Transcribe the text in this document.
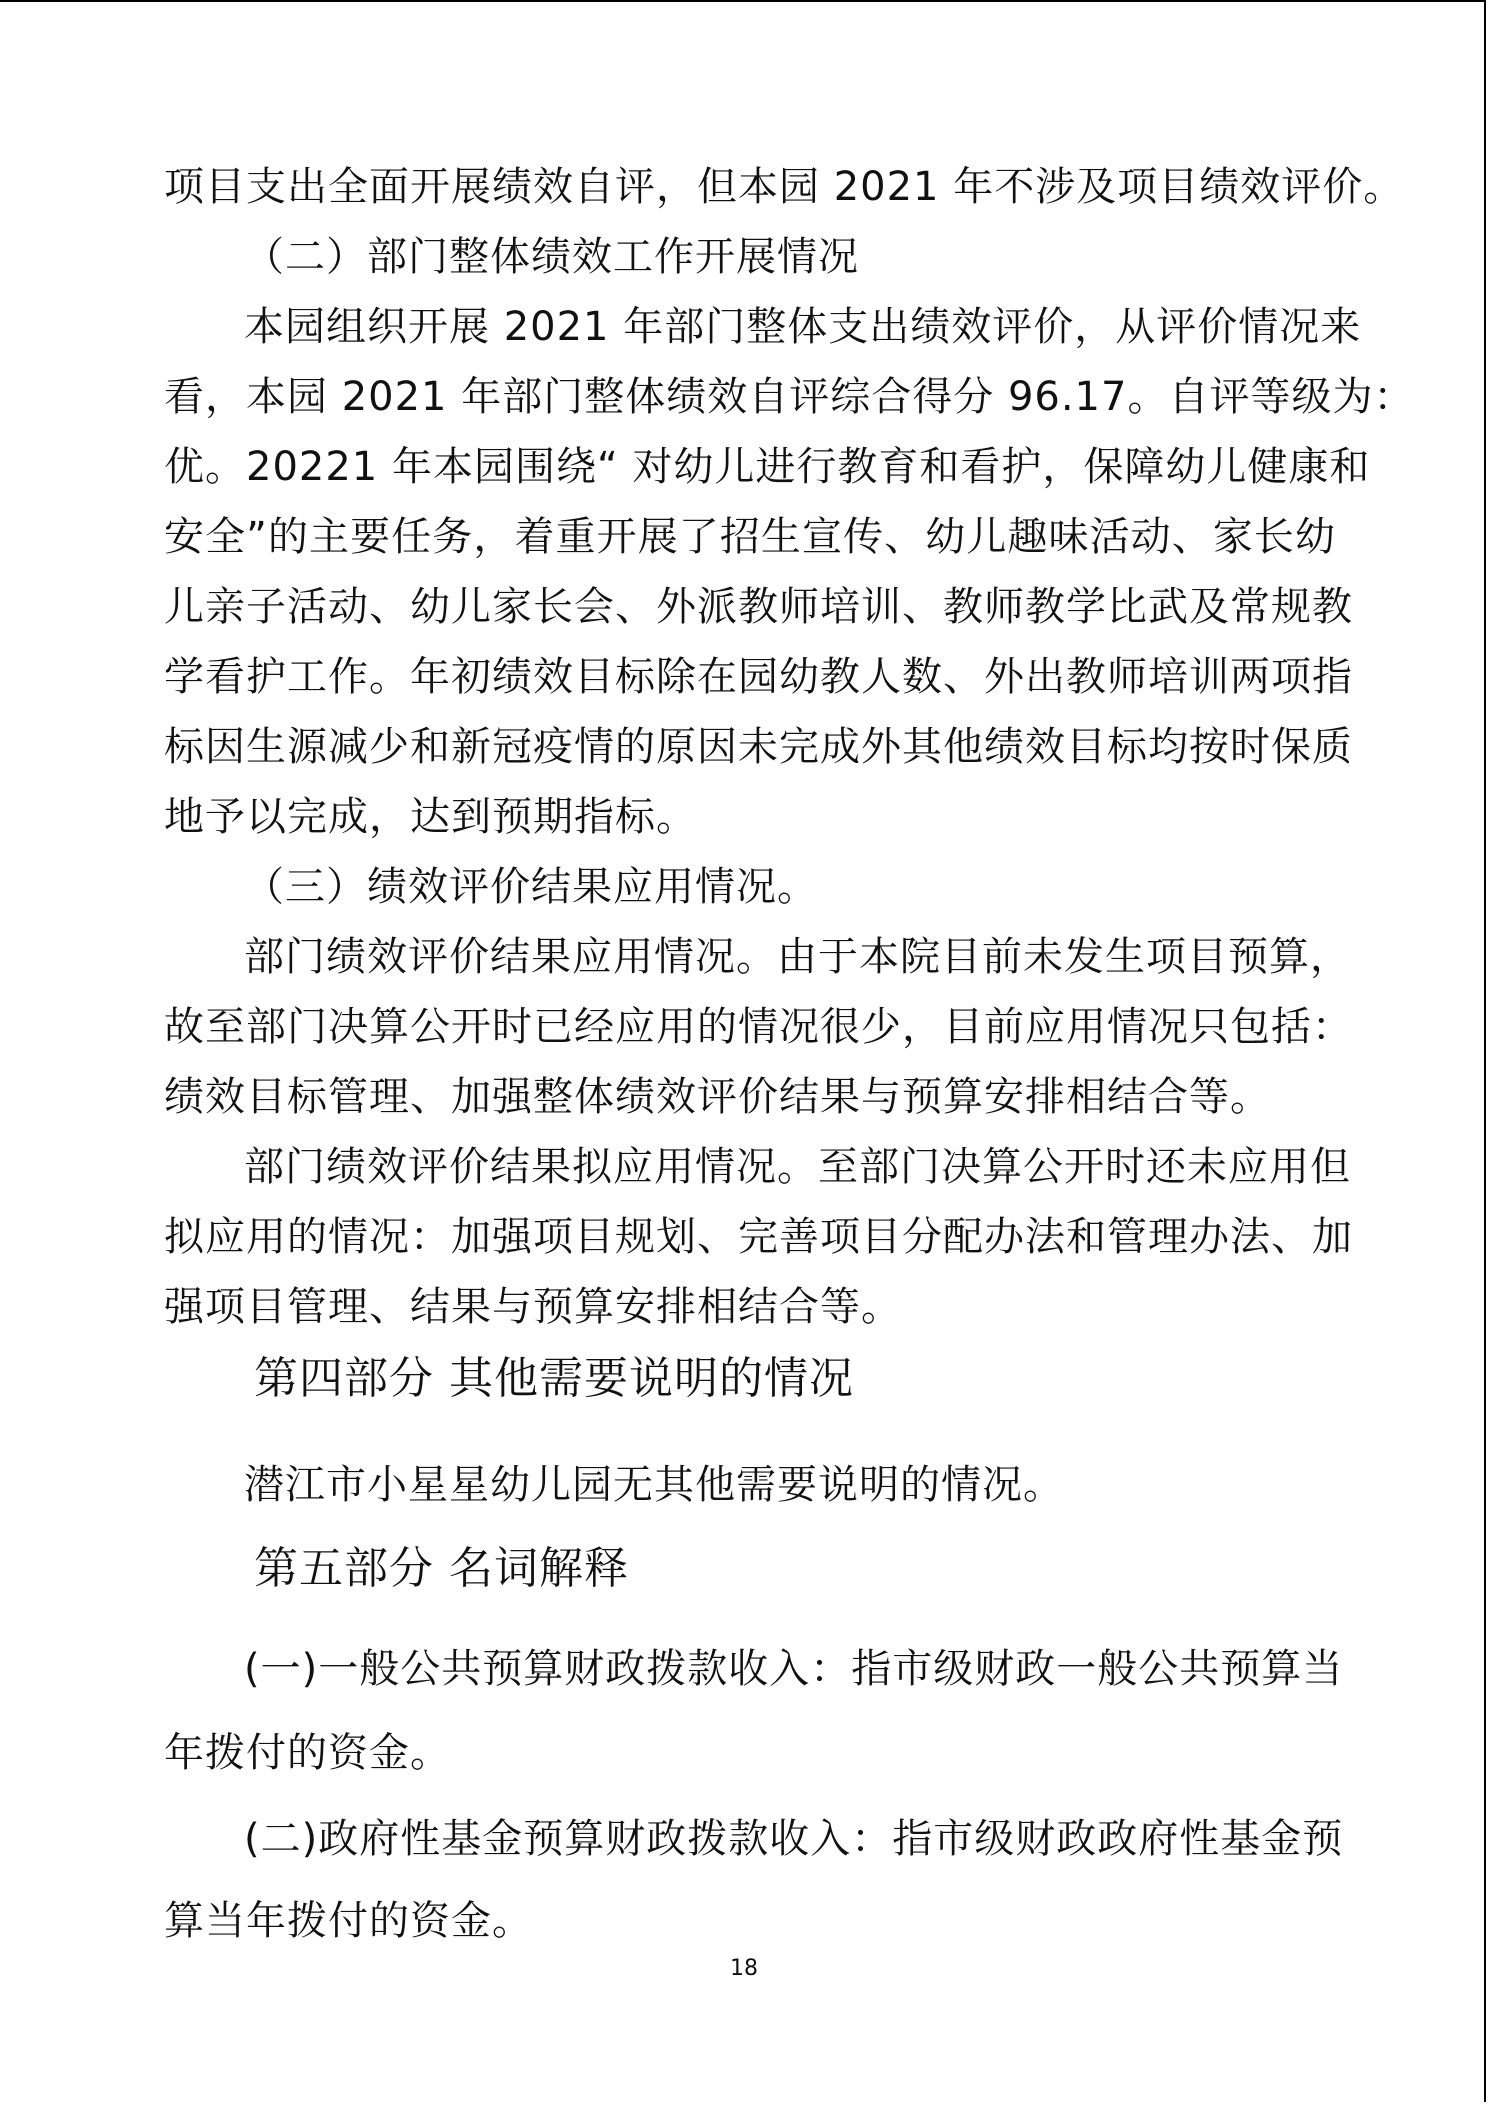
项目支出全面开展绩效自评，但本园 2021 年不涉及项目绩效评价。
（二）部门整体绩效工作开展情况
本园组织开展 2021 年部门整体支出绩效评价，从评价情况来
看，本园 2021 年部门整体绩效自评综合得分 96.17。自评等级为：
优。20221 年本园围绕“ 对幼儿进行教育和看护，保障幼儿健康和
安全”的主要任务，着重开展了招生宣传、幼儿趣味活动、家长幼
儿亲子活动、幼儿家长会、外派教师培训、教师教学比武及常规教
学看护工作。年初绩效目标除在园幼教人数、外出教师培训两项指
标因生源减少和新冠疫情的原因未完成外其他绩效目标均按时保质
地予以完成，达到预期指标。
（三）绩效评价结果应用情况。
部门绩效评价结果应用情况。由于本院目前未发生项目预算，
故至部门决算公开时已经应用的情况很少，目前应用情况只包括：
绩效目标管理、加强整体绩效评价结果与预算安排相结合等。
部门绩效评价结果拟应用情况。至部门决算公开时还未应用但
拟应用的情况：加强项目规划、完善项目分配办法和管理办法、加
强项目管理、结果与预算安排相结合等。
第四部分 其他需要说明的情况
潜江市小星星幼儿园无其他需要说明的情况。
第五部分 名词解释
(一)一般公共预算财政拨款收入：指市级财政一般公共预算当
年拨付的资金。
(二)政府性基金预算财政拨款收入：指市级财政政府性基金预
算当年拨付的资金。
18
